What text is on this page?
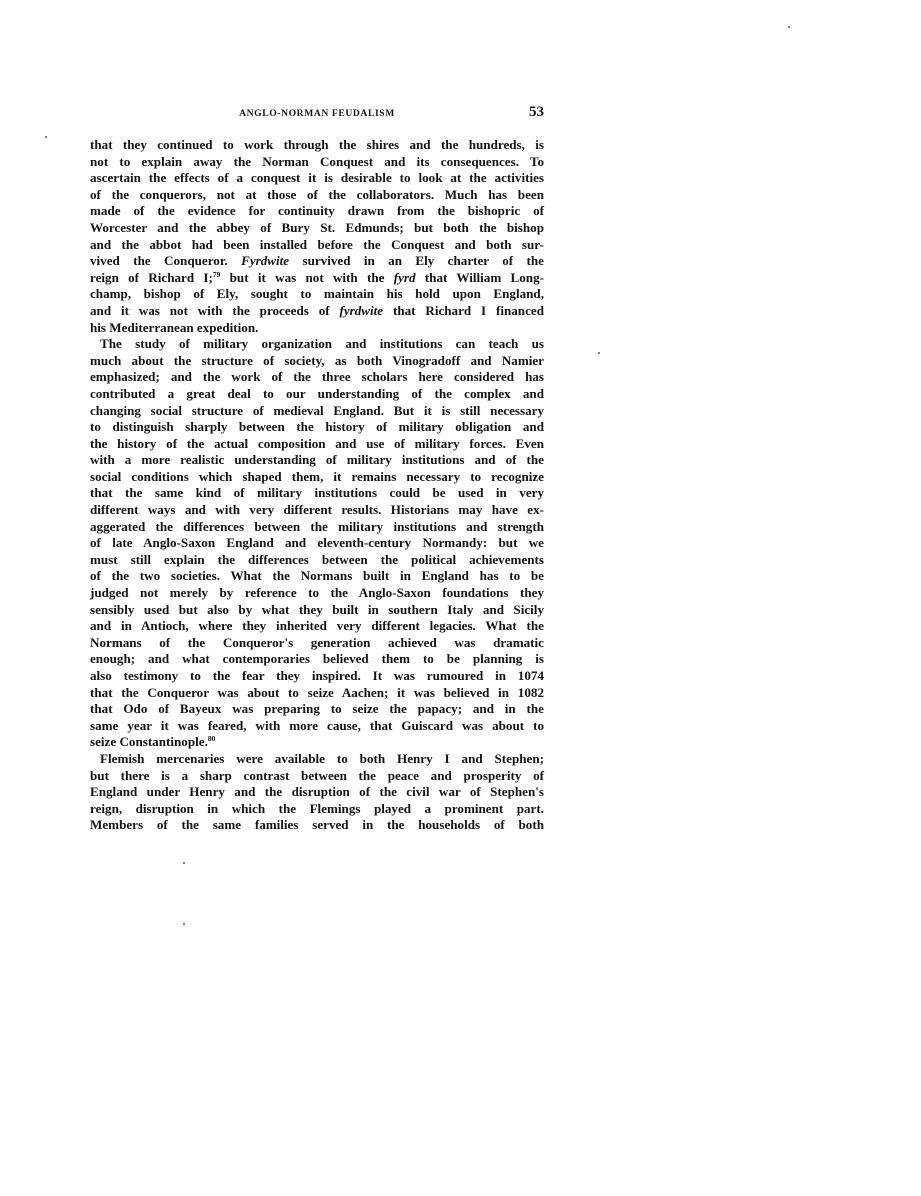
ANGLO-NORMAN FEUDALISM	53
that they continued to work through the shires and the hundreds, is
not to explain away the Norman Conquest and its consequences. To
ascertain the effects of a conquest it is desirable to look at the activities
of the conquerors, not at those of the collaborators. Much has been
made of the evidence for continuity drawn from the bishopric of
Worcester and the abbey of Bury St. Edmunds; but both the bishop
and the abbot had been installed before the Conquest and both sur-
vived the Conqueror. Fyrdwite survived in an Ely charter of the
reign of Richard I;$^{79}$ but it was not with the fyrd that William Long-
champ, bishop of Ely, sought to maintain his hold upon England,
and it was not with the proceeds of fyrdwite that Richard I financed
his Mediterranean expedition.
The study of military organization and institutions can teach us
much about the structure of society, as both Vinogradoff and Namier
emphasized; and the work of the three scholars here considered has
contributed a great deal to our understanding of the complex and
changing social structure of medieval England. But it is still necessary
to distinguish sharply between the history of military obligation and
the history of the actual composition and use of military forces. Even
with a more realistic understanding of military institutions and of the
social conditions which shaped them, it remains necessary to recognize
that the same kind of military institutions could be used in very
different ways and with very different results. Historians may have ex-
aggerated the differences between the military institutions and strength
of late Anglo-Saxon England and eleventh-century Normandy: but we
must still explain the differences between the political achievements
of the two societies. What the Normans built in England has to be
judged not merely by reference to the Anglo-Saxon foundations they
sensibly used but also by what they built in southern Italy and Sicily
and in Antioch, where they inherited very different legacies. What the
Normans of the Conqueror's generation achieved was dramatic
enough; and what contemporaries believed them to be planning is
also testimony to the fear they inspired. It was rumoured in 1074
that the Conqueror was about to seize Aachen; it was believed in 1082
that Odo of Bayeux was preparing to seize the papacy; and in the
same year it was feared, with more cause, that Guiscard was about to
seize Constantinople.$^{80}$
Flemish mercenaries were available to both Henry I and Stephen;
but there is a sharp contrast between the peace and prosperity of
England under Henry and the disruption of the civil war of Stephen's
reign, disruption in which the Flemings played a prominent part.
Members of the same families served in the households of both
